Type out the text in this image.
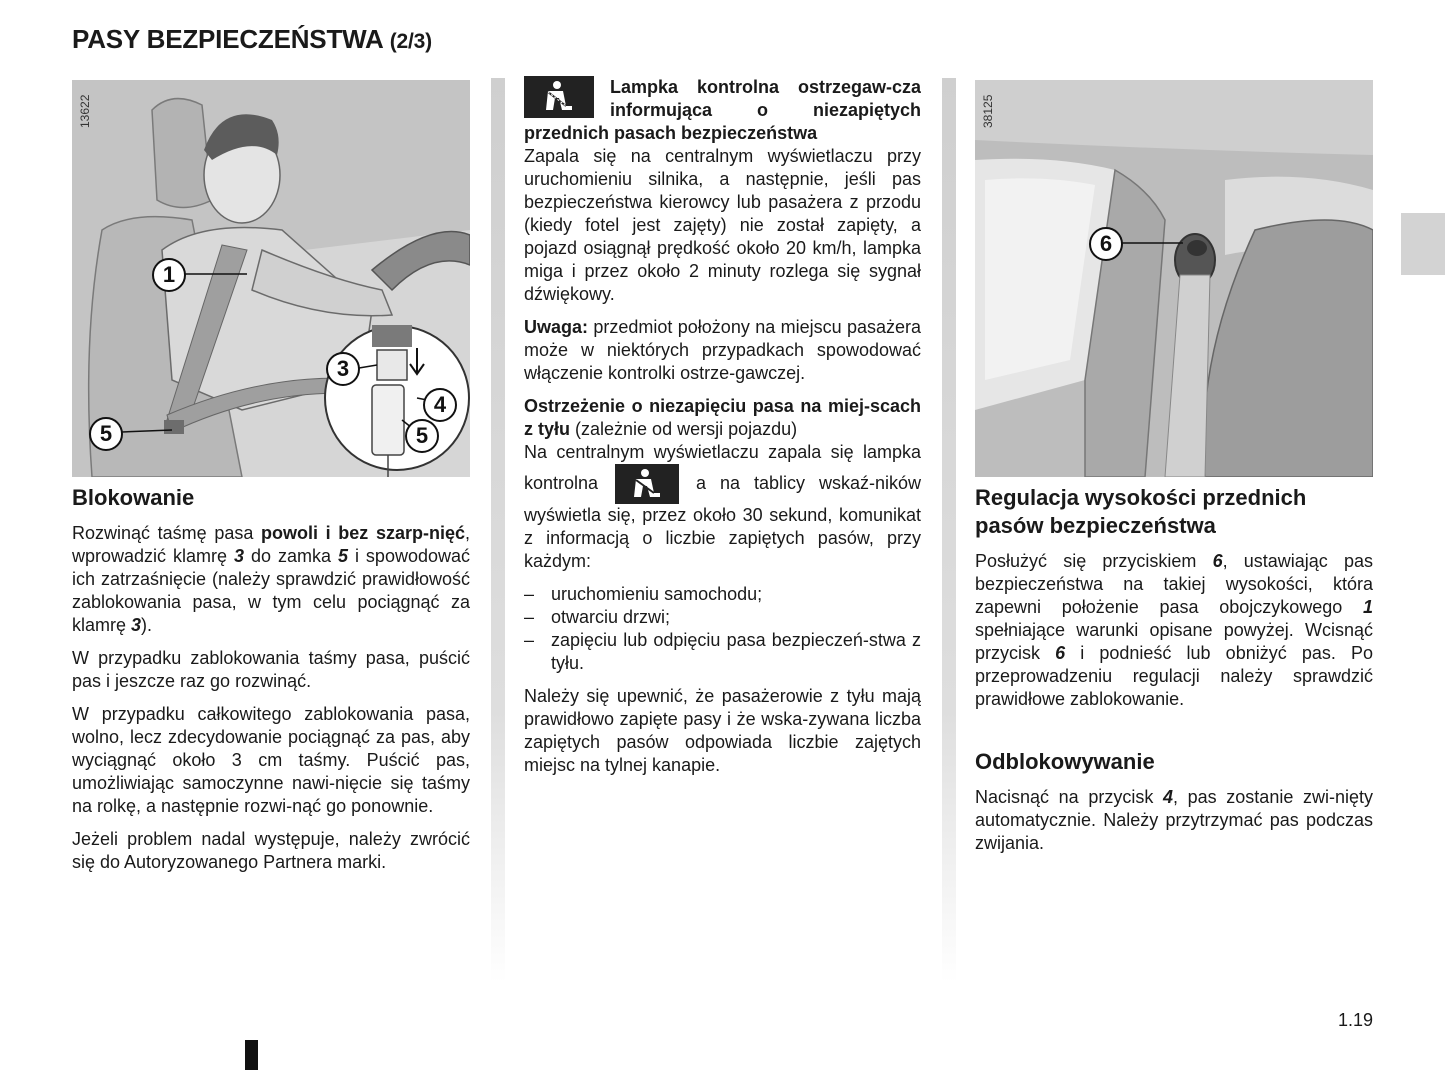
PASY BEZPIECZEŃSTWA (2/3)
13622
1
3
4
5	5
Blokowanie

Rozwinąć taśmę pasa powoli i bez szarp-nięć, wprowadzić klamrę 3 do zamka 5 i spowodować ich zatrzaśnięcie (należy sprawdzić prawidłowość zablokowania pasa, w tym celu pociągnąć za klamrę 3).

W przypadku zablokowania taśmy pasa, puścić pas i jeszcze raz go rozwinąć.

W przypadku całkowitego zablokowania pasa, wolno, lecz zdecydowanie pociągnąć za pas, aby wyciągnąć około 3 cm taśmy. Puścić pas, umożliwiając samoczynne nawi-nięcie się taśmy na rolkę, a następnie rozwi-nąć go ponownie.

Jeżeli problem nadal występuje, należy zwrócić się do Autoryzowanego Partnera marki.

Lampka kontrolna ostrzegaw-cza informująca o niezapiętych przednich pasach bezpieczeństwa

Zapala się na centralnym wyświetlaczu przy uruchomieniu silnika, a następnie, jeśli pas bezpieczeństwa kierowcy lub pasażera z przodu (kiedy fotel jest zajęty) nie został zapięty, a pojazd osiągnął prędkość około 20 km/h, lampka miga i przez około 2 minuty rozlega się sygnał dźwiękowy.

Uwaga: przedmiot położony na miejscu pasażera może w niektórych przypadkach spowodować włączenie kontrolki ostrze-gawczej.

Ostrzeżenie o niezapięciu pasa na miej-scach z tyłu (zależnie od wersji pojazdu)

Na centralnym wyświetlaczu zapala się lampka kontrolna	a na tablicy wskaź-ników wyświetla się, przez około 30 sekund, komunikat z informacją o liczbie zapiętych pasów, przy każdym:

– uruchomieniu samochodu;
– otwarciu drzwi;
– zapięciu lub odpięciu pasa bezpieczeń-stwa z tyłu.

Należy się upewnić, że pasażerowie z tyłu mają prawidłowo zapięte pasy i że wska-zywana liczba zapiętych pasów odpowiada liczbie zajętych miejsc na tylnej kanapie.

38125
6
Regulacja wysokości przednich pasów bezpieczeństwa

Posłużyć się przyciskiem 6, ustawiając pas bezpieczeństwa na takiej wysokości, która zapewni położenie pasa obojczykowego 1 spełniające warunki opisane powyżej. Wcisnąć przycisk 6 i podnieść lub obniżyć pas. Po przeprowadzeniu regulacji należy sprawdzić prawidłowe zablokowanie.

Odblokowywanie

Nacisnąć na przycisk 4, pas zostanie zwi-nięty automatycznie. Należy przytrzymać pas podczas zwijania.

1.19
